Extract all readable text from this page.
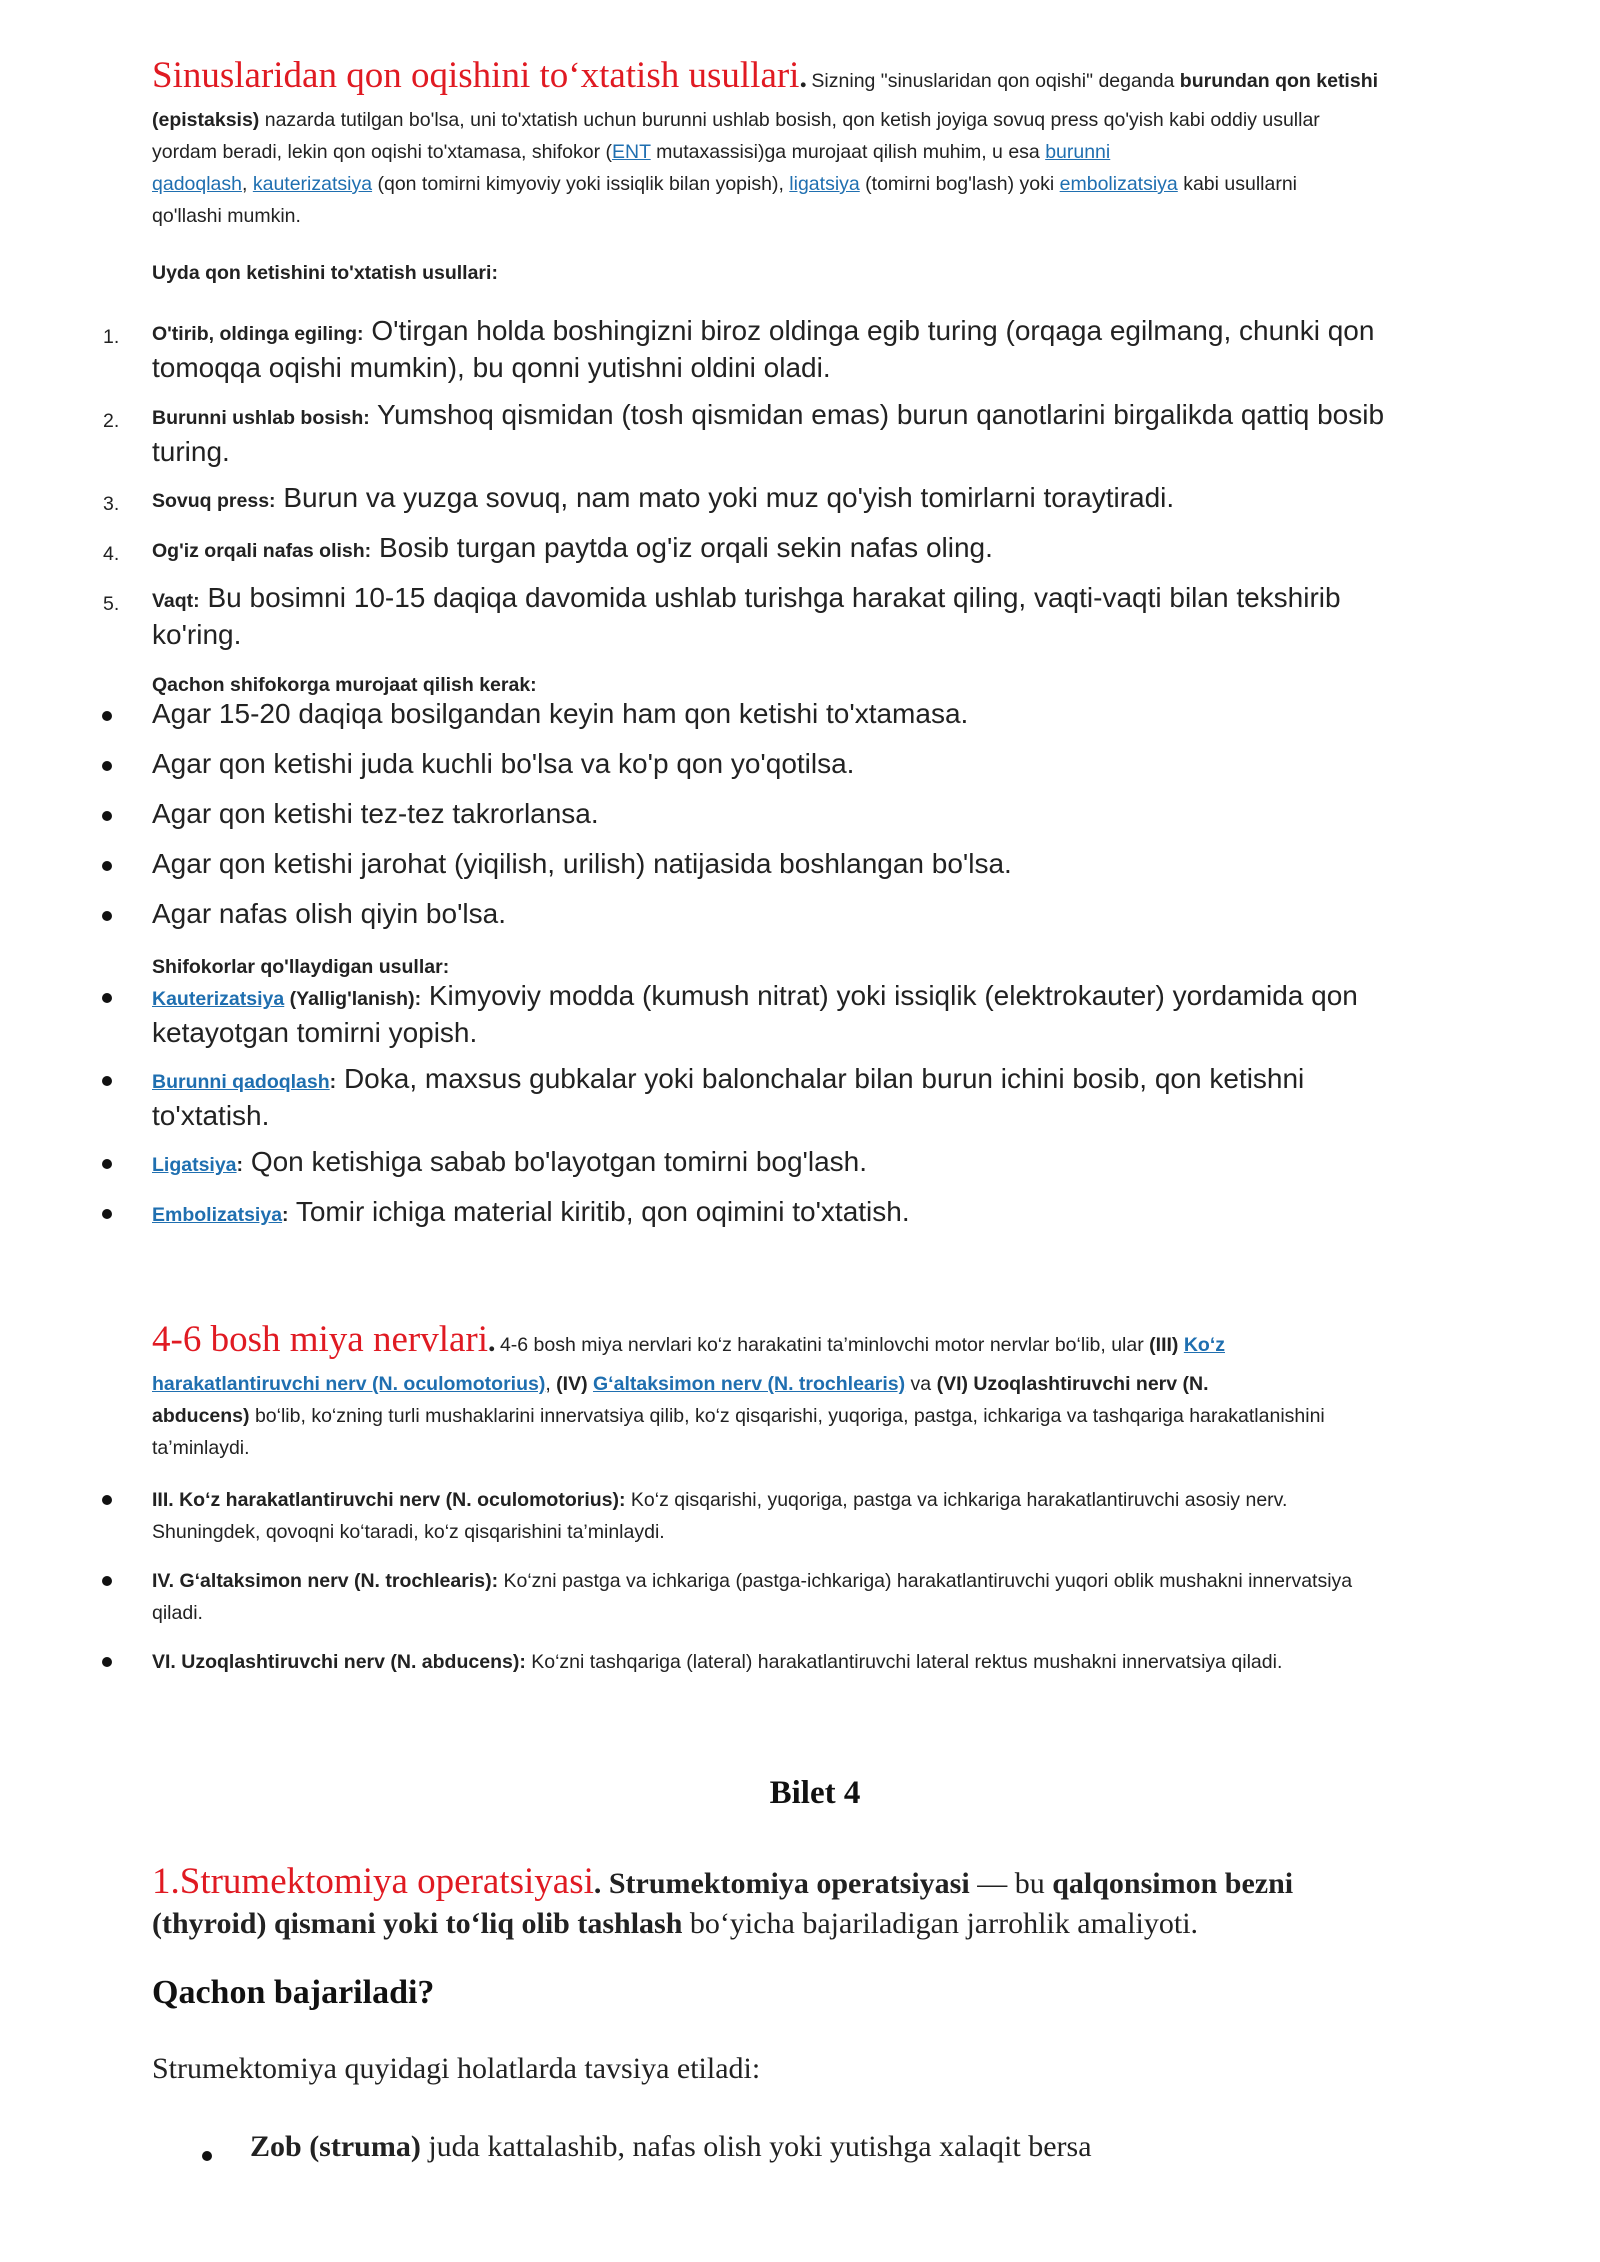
Sinuslaridan qon oqishini to‘xtatish usullari. Sizning "sinuslaridan qon oqishi" deganda burundan qon ketishi
(epistaksis) nazarda tutilgan bo'lsa, uni to'xtatish uchun burunni ushlab bosish, qon ketish joyiga sovuq press qo'yish kabi oddiy usullar
yordam beradi, lekin qon oqishi to'xtamasa, shifokor (ENT mutaxassisi)ga murojaat qilish muhim, u esa burunni
qadoqlash, kauterizatsiya (qon tomirni kimyoviy yoki issiqlik bilan yopish), ligatsiya (tomirni bog'lash) yoki embolizatsiya kabi usullarni
qo'llashi mumkin.
Uyda qon ketishini to'xtatish usullari:
1. O'tirib, oldinga egiling: O'tirgan holda boshingizni biroz oldinga egib turing (orqaga egilmang, chunki qon
tomoqqa oqishi mumkin), bu qonni yutishni oldini oladi.
2. Burunni ushlab bosish: Yumshoq qismidan (tosh qismidan emas) burun qanotlarini birgalikda qattiq bosib
turing.
3. Sovuq press: Burun va yuzga sovuq, nam mato yoki muz qo'yish tomirlarni toraytiradi.
4. Og'iz orqali nafas olish: Bosib turgan paytda og'iz orqali sekin nafas oling.
5. Vaqt: Bu bosimni 10-15 daqiqa davomida ushlab turishga harakat qiling, vaqti-vaqti bilan tekshirib
ko'ring.
Qachon shifokorga murojaat qilish kerak:
Agar 15-20 daqiqa bosilgandan keyin ham qon ketishi to'xtamasa.
Agar qon ketishi juda kuchli bo'lsa va ko'p qon yo'qotilsa.
Agar qon ketishi tez-tez takrorlansa.
Agar qon ketishi jarohat (yiqilish, urilish) natijasida boshlangan bo'lsa.
Agar nafas olish qiyin bo'lsa.
Shifokorlar qo'llaydigan usullar:
Kauterizatsiya (Yallig'lanish): Kimyoviy modda (kumush nitrat) yoki issiqlik (elektrokauter) yordamida qon
ketayotgan tomirni yopish.
Burunni qadoqlash: Doka, maxsus gubkalar yoki balonchalar bilan burun ichini bosib, qon ketishni
to'xtatish.
Ligatsiya: Qon ketishiga sabab bo'layotgan tomirni bog'lash.
Embolizatsiya: Tomir ichiga material kiritib, qon oqimini to'xtatish.
4-6 bosh miya nervlari. 4-6 bosh miya nervlari ko‘z harakatini ta’minlovchi motor nervlar bo‘lib, ular (III) Ko‘z
harakatlantiruvchi nerv (N. oculomotorius), (IV) G‘altaksimon nerv (N. trochlearis) va (VI) Uzoqlashtiruvchi nerv (N.
abducens) bo‘lib, ko‘zning turli mushaklarini innervatsiya qilib, ko‘z qisqarishi, yuqoriga, pastga, ichkariga va tashqariga harakatlanishini
ta’minlaydi.
III. Ko‘z harakatlantiruvchi nerv (N. oculomotorius): Ko‘z qisqarishi, yuqoriga, pastga va ichkariga harakatlantiruvchi asosiy nerv.
Shuningdek, qovoqni ko‘taradi, ko‘z qisqarishini ta’minlaydi.
IV. G‘altaksimon nerv (N. trochlearis): Ko‘zni pastga va ichkariga (pastga-ichkariga) harakatlantiruvchi yuqori oblik mushakni innervatsiya
qiladi.
VI. Uzoqlashtiruvchi nerv (N. abducens): Ko‘zni tashqariga (lateral) harakatlantiruvchi lateral rektus mushakni innervatsiya qiladi.
Bilet 4
1.Strumektomiya operatsiyasi. Strumektomiya operatsiyasi — bu qalqonsimon bezni
(thyroid) qismani yoki to‘liq olib tashlash bo‘yicha bajariladigan jarrohlik amaliyoti.
Qachon bajariladi?
Strumektomiya quyidagi holatlarda tavsiya etiladi:
Zob (struma) juda kattalashib, nafas olish yoki yutishga xalaqit bersa
